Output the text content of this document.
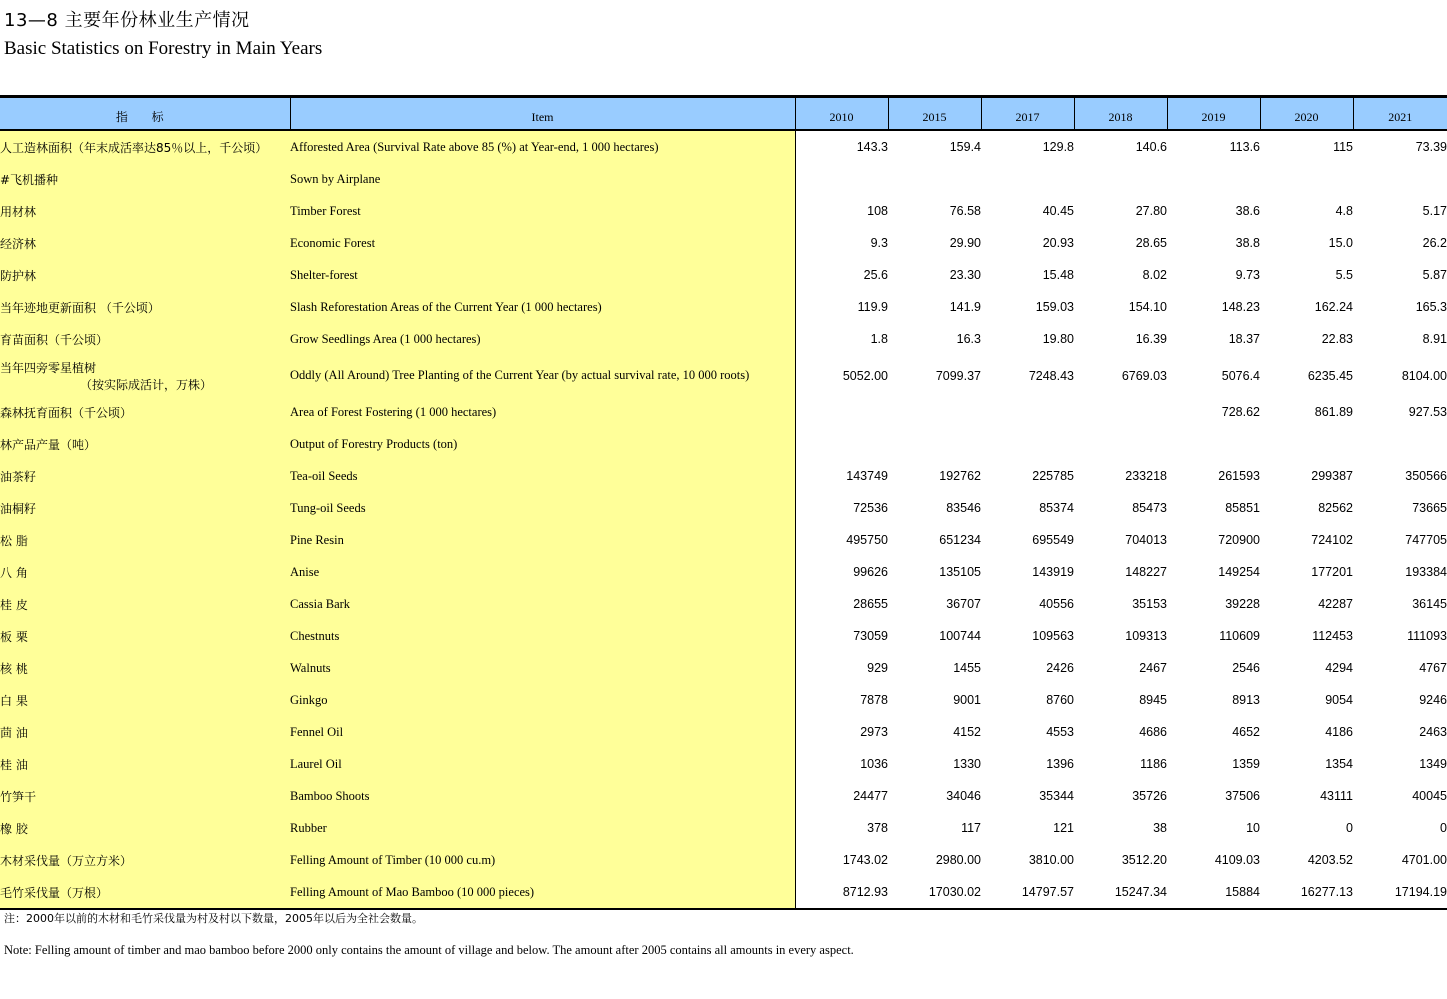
13—8 主要年份林业生产情况
Basic Statistics on Forestry in Main Years
指 标	Item	2010	2015	2017	2018	2019	2020	2021
人工造林面积（年末成活率达85％以上，千公顷）	Afforested Area (Survival Rate above 85 (%) at Year-end, 1 000 hectares)	143.3	159.4	129.8	140.6	113.6	115	73.39
#飞机播种	Sown by Airplane							
用材林	Timber Forest	108	76.58	40.45	27.80	38.6	4.8	5.17
经济林	Economic Forest	9.3	29.90	20.93	28.65	38.8	15.0	26.2
防护林	Shelter-forest	25.6	23.30	15.48	8.02	9.73	5.5	5.87
当年迹地更新面积 （千公顷）	Slash Reforestation Areas of the Current Year (1 000 hectares)	119.9	141.9	159.03	154.10	148.23	162.24	165.3
育苗面积（千公顷）	Grow Seedlings Area (1 000 hectares)	1.8	16.3	19.80	16.39	18.37	22.83	8.91
当年四旁零星植树
（按实际成活计，万株）	Oddly (All Around) Tree Planting of the Current Year (by actual survival rate, 10 000 roots)	5052.00	7099.37	7248.43	6769.03	5076.4	6235.45	8104.00
森林抚育面积（千公顷）	Area of Forest Fostering (1 000 hectares)					728.62	861.89	927.53
林产品产量（吨）	Output of Forestry Products (ton)							
油茶籽	Tea-oil Seeds	143749	192762	225785	233218	261593	299387	350566
油桐籽	Tung-oil Seeds	72536	83546	85374	85473	85851	82562	73665
松 脂	Pine Resin	495750	651234	695549	704013	720900	724102	747705
八 角	Anise	99626	135105	143919	148227	149254	177201	193384
桂 皮	Cassia Bark	28655	36707	40556	35153	39228	42287	36145
板 栗	Chestnuts	73059	100744	109563	109313	110609	112453	111093
核 桃	Walnuts	929	1455	2426	2467	2546	4294	4767
白 果	Ginkgo	7878	9001	8760	8945	8913	9054	9246
茴 油	Fennel Oil	2973	4152	4553	4686	4652	4186	2463
桂 油	Laurel Oil	1036	1330	1396	1186	1359	1354	1349
竹笋干	Bamboo Shoots	24477	34046	35344	35726	37506	43111	40045
橡 胶	Rubber	378	117	121	38	10	0	0
木材采伐量（万立方米）	Felling Amount of Timber (10 000 cu.m)	1743.02	2980.00	3810.00	3512.20	4109.03	4203.52	4701.00
毛竹采伐量（万根）	Felling Amount of Mao Bamboo (10 000 pieces)	8712.93	17030.02	14797.57	15247.34	15884	16277.13	17194.19
注：2000年以前的木材和毛竹采伐量为村及村以下数量，2005年以后为全社会数量。
Note: Felling amount of timber and mao bamboo before 2000 only contains the amount of village and below. The amount after 2005 contains all amounts in every aspect.
